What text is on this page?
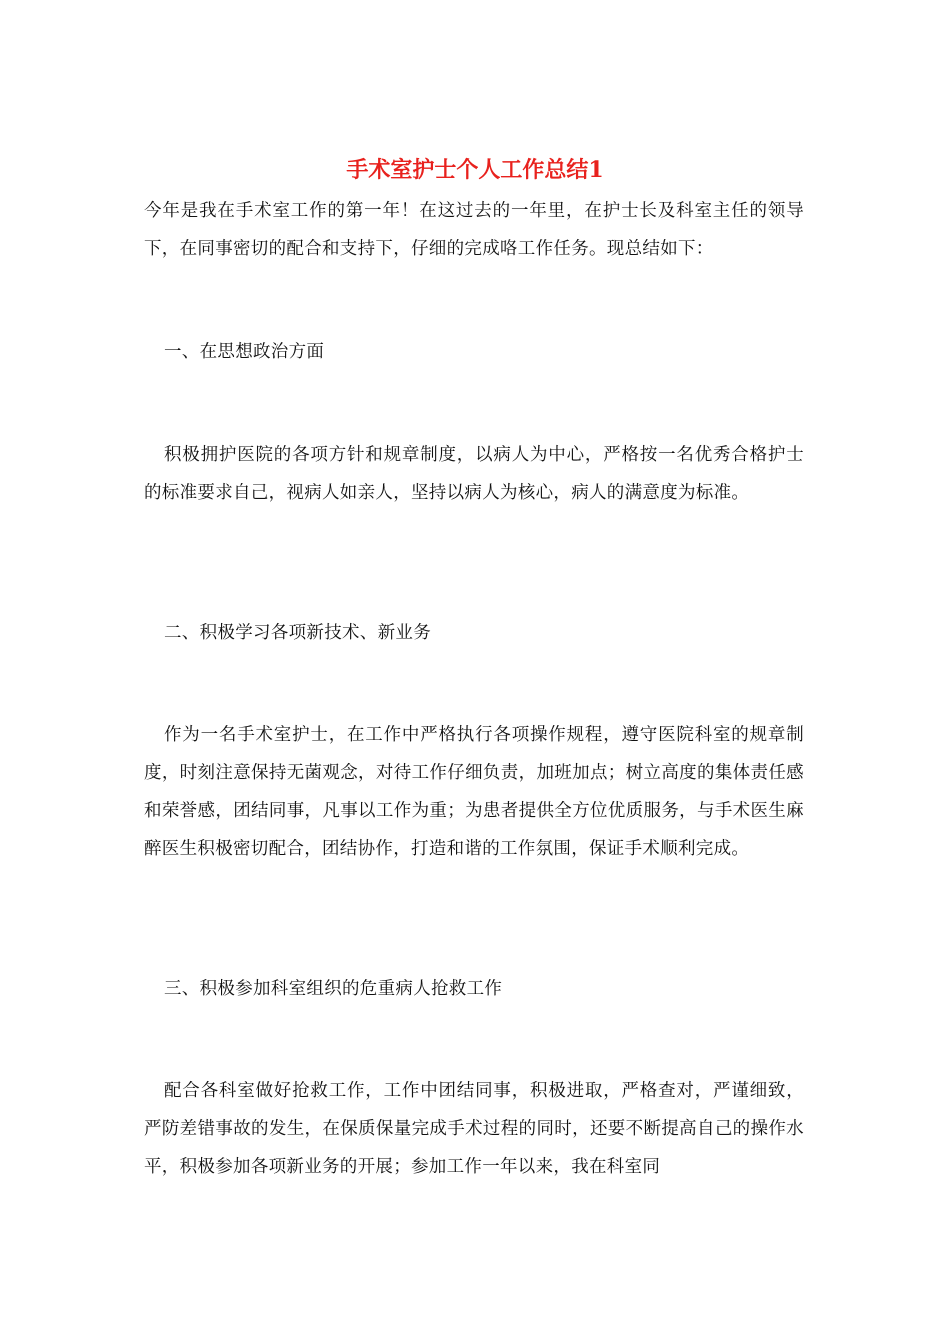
手术室护士个人工作总结1

今年是我在手术室工作的第一年！在这过去的一年里，在护士长及科室主任的领导下，在同事密切的配合和支持下，仔细的完成咯工作任务。现总结如下：

一、在思想政治方面

积极拥护医院的各项方针和规章制度，以病人为中心，严格按一名优秀合格护士的标准要求自己，视病人如亲人，坚持以病人为核心，病人的满意度为标准。

二、积极学习各项新技术、新业务

作为一名手术室护士，在工作中严格执行各项操作规程，遵守医院科室的规章制度，时刻注意保持无菌观念，对待工作仔细负责，加班加点；树立高度的集体责任感和荣誉感，团结同事，凡事以工作为重；为患者提供全方位优质服务，与手术医生麻醉医生积极密切配合，团结协作，打造和谐的工作氛围，保证手术顺利完成。

三、积极参加科室组织的危重病人抢救工作

配合各科室做好抢救工作，工作中团结同事，积极进取，严格查对，严谨细致，严防差错事故的发生，在保质保量完成手术过程的同时，还要不断提高自己的操作水平，积极参加各项新业务的开展；参加工作一年以来，我在科室同
